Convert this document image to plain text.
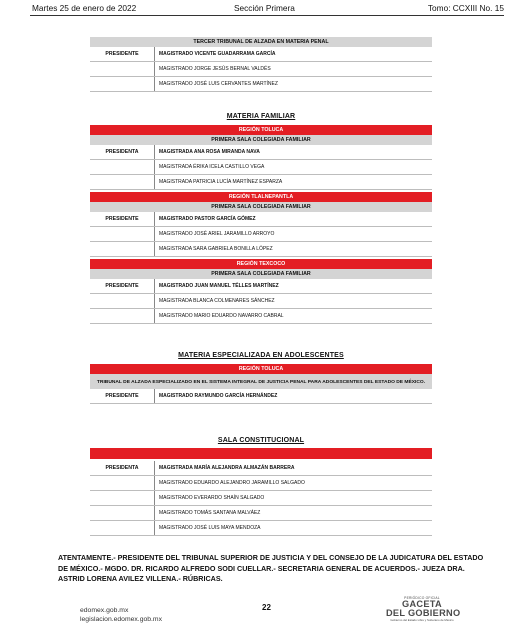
Martes 25 de enero de 2022	Sección Primera	Tomo: CCXIII No. 15
TERCER TRIBUNAL DE ALZADA EN MATERIA PENAL
PRESIDENTE	MAGISTRADO VICENTE GUADARRAMA GARCÍA
MAGISTRADO JORGE JESÚS BERNAL VALDÉS
MAGISTRADO JOSÉ LUIS CERVANTES MARTÍNEZ
MATERIA FAMILIAR
REGIÓN TOLUCA
PRIMERA SALA COLEGIADA FAMILIAR
PRESIDENTA	MAGISTRADA ANA ROSA MIRANDA NAVA
MAGISTRADA ÉRIKA ICELA CASTILLO VEGA
MAGISTRADA PATRICIA LUCÍA MARTÍNEZ ESPARZA
REGIÓN TLALNEPANTLA
PRIMERA SALA COLEGIADA FAMILIAR
PRESIDENTE	MAGISTRADO PASTOR GARCÍA GÓMEZ
MAGISTRADO JOSÉ ARIEL JARAMILLO ARROYO
MAGISTRADA SARA GABRIELA BONILLA LÓPEZ
REGIÓN TEXCOCO
PRIMERA SALA COLEGIADA FAMILIAR
PRESIDENTE	MAGISTRADO JUAN MANUEL TÉLLES MARTÍNEZ
MAGISTRADA BLANCA COLMENARES SÁNCHEZ
MAGISTRADO MARIO EDUARDO NAVARRO CABRAL
MATERIA ESPECIALIZADA EN ADOLESCENTES
REGIÓN TOLUCA
TRIBUNAL DE ALZADA ESPECIALIZADO EN EL SISTEMA INTEGRAL DE JUSTICIA PENAL PARA ADOLESCENTES DEL ESTADO DE MÉXICO.
PRESIDENTE	MAGISTRADO RAYMUNDO GARCÍA HERNÁNDEZ
SALA CONSTITUCIONAL
PRESIDENTA	MAGISTRADA MARÍA ALEJANDRA ALMAZÁN BARRERA
MAGISTRADO EDUARDO ALEJANDRO JARAMILLO SALGADO
MAGISTRADO EVERARDO SHAÍN SALGADO
MAGISTRADO TOMÁS SANTANA MALVÁEZ
MAGISTRADO JOSÉ LUIS MAYA MENDOZA
ATENTAMENTE.- PRESIDENTE DEL TRIBUNAL SUPERIOR DE JUSTICIA Y DEL CONSEJO DE LA JUDICATURA DEL ESTADO DE MÉXICO.- MGDO. DR. RICARDO ALFREDO SODI CUELLAR.- SECRETARIA GENERAL DE ACUERDOS.- JUEZA DRA. ASTRID LORENA AVILEZ VILLENA.- RÚBRICAS.
edomex.gob.mx
legislacion.edomex.gob.mx
22
PERIÓDICO OFICIAL
GACETA
DEL GOBIERNO
Gobierno del Estado Libre y Soberano de México
